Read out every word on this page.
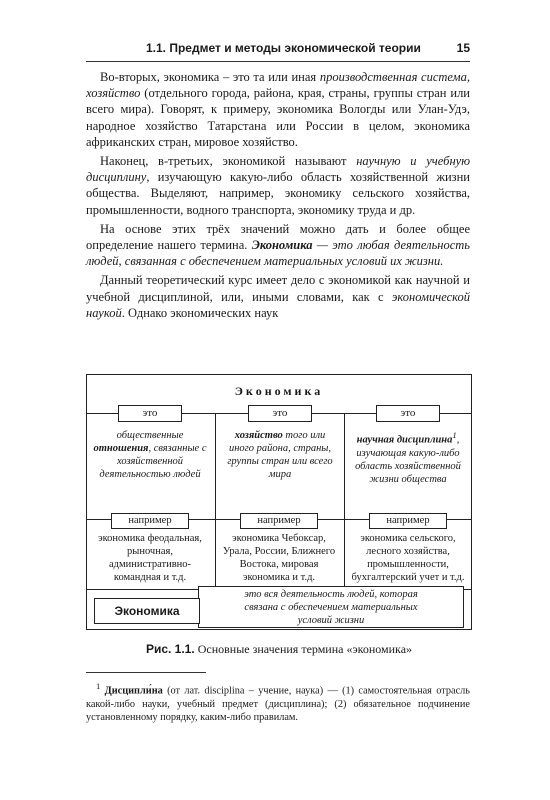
1.1. Предмет и методы экономической теории	15

Во-вторых, экономика – это та или иная производственная система, хозяйство (отдельного города, района, края, страны, группы стран или всего мира). Говорят, к примеру, экономика Вологды или Улан-Удэ, народное хозяйство Татарстана или России в целом, экономика африканских стран, мировое хозяйство.

Наконец, в-третьих, экономикой называют научную и учебную дисциплину, изучающую какую-либо область хозяйственной жизни общества. Выделяют, например, экономику сельского хозяйства, промышленности, водного транспорта, экономику труда и др.

На основе этих трёх значений можно дать и более общее определение нашего термина. Экономика — это любая деятельность людей, связанная с обеспечением материальных условий их жизни.

Данный теоретический курс имеет дело с экономикой как научной и учебной дисциплиной, или, иными словами, как с экономической наукой. Однако экономических наук

Экономика
это
общественные отношения, связанные с хозяйственной деятельностью людей
это
хозяйство того или иного района, страны, группы стран или всего мира
это
научная дисциплина$^1$, изучающая какую-либо область хозяйственной жизни общества
например	например	например
экономика феодальная, рыночная, административно-командная и т.д.
экономика Чебоксар, Урала, России, Ближнего Востока, мировая экономика и т.д.
экономика сельского, лесного хозяйства, промышленности, бухгалтерский учет и т.д.
это вся деятельность людей, которая связана с обеспечением материальных условий жизни
Экономика
Рис. 1.1. Основные значения термина «экономика»
$^1$ Дисципли́на (от лат. disciplina – учение, наука) — (1) самостоятельная отрасль какой-либо науки, учебный предмет (дисциплина); (2) обязательное подчинение установленному порядку, каким-либо правилам.
